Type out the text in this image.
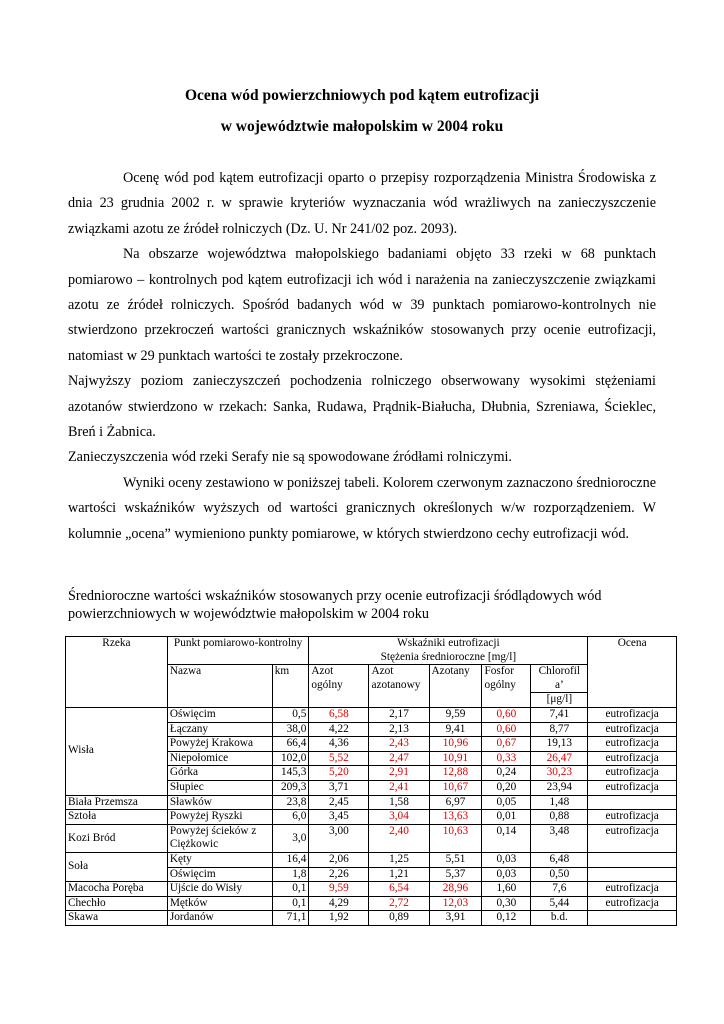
Ocena wód powierzchniowych pod kątem eutrofizacji
w województwie małopolskim w 2004 roku

Ocenę wód pod kątem eutrofizacji oparto o przepisy rozporządzenia Ministra Środowiska z dnia 23 grudnia 2002 r. w sprawie kryteriów wyznaczania wód wrażliwych na zanieczyszczenie związkami azotu ze źródeł rolniczych (Dz. U. Nr 241/02 poz. 2093).

Na obszarze województwa małopolskiego badaniami objęto 33 rzeki w 68 punktach pomiarowo – kontrolnych pod kątem eutrofizacji ich wód i narażenia na zanieczyszczenie związkami azotu ze źródeł rolniczych. Spośród badanych wód w 39 punktach pomiarowo-kontrolnych nie stwierdzono przekroczeń wartości granicznych wskaźników stosowanych przy ocenie eutrofizacji, natomiast w 29 punktach wartości te zostały przekroczone.

Najwyższy poziom zanieczyszczeń pochodzenia rolniczego obserwowany wysokimi stężeniami azotanów stwierdzono w rzekach: Sanka, Rudawa, Prądnik-Białucha, Dłubnia, Szreniawa, Ścieklec, Breń i Żabnica.

Zanieczyszczenia wód rzeki Serafy nie są spowodowane źródłami rolniczymi.

Wyniki oceny zestawiono w poniższej tabeli. Kolorem czerwonym zaznaczono średnioroczne wartości wskaźników wyższych od wartości granicznych określonych w/w rozporządzeniem. W kolumnie „ocena” wymieniono punkty pomiarowe, w których stwierdzono cechy eutrofizacji wód.

Średnioroczne wartości wskaźników stosowanych przy ocenie eutrofizacji śródlądowych wód powierzchniowych w województwie małopolskim w 2004 roku
Rzeka	Punkt pomiarowo-kontrolny		Wskaźniki eutrofizacji
Stężenia średnioroczne [mg/l]					Ocena
	Nazwa	km	Azot ogólny	Azot azotanowy	Azotany	Fosfor ogólny	Chlorofil a’	
							[μg/l]	
Wisła	Oświęcim	0,5	6,58	2,17	9,59	0,60	7,41	eutrofizacja
	Łączany	38,0	4,22	2,13	9,41	0,60	8,77	eutrofizacja
	Powyżej Krakowa	66,4	4,36	2,43	10,96	0,67	19,13	eutrofizacja
	Niepołomice	102,0	5,52	2,47	10,91	0,33	26,47	eutrofizacja
	Górka	145,3	5,20	2,91	12,88	0,24	30,23	eutrofizacja
	Słupiec	209,3	3,71	2,41	10,67	0,20	23,94	eutrofizacja
Biała Przemsza	Sławków	23,8	2,45	1,58	6,97	0,05	1,48	
Sztoła	Powyżej Ryszki	6,0	3,45	3,04	13,63	0,01	0,88	eutrofizacja
Kozi Bród	Powyżej ścieków z Ciężkowic	3,0	3,00	2,40	10,63	0,14	3,48	eutrofizacja
Soła	Kęty	16,4	2,06	1,25	5,51	0,03	6,48	
	Oświęcim	1,8	2,26	1,21	5,37	0,03	0,50	
Macocha Poręba	Ujście do Wisły	0,1	9,59	6,54	28,96	1,60	7,6	eutrofizacja
Chechło	Mętków	0,1	4,29	2,72	12,03	0,30	5,44	eutrofizacja
Skawa	Jordanów	71,1	1,92	0,89	3,91	0,12	b.d.	
